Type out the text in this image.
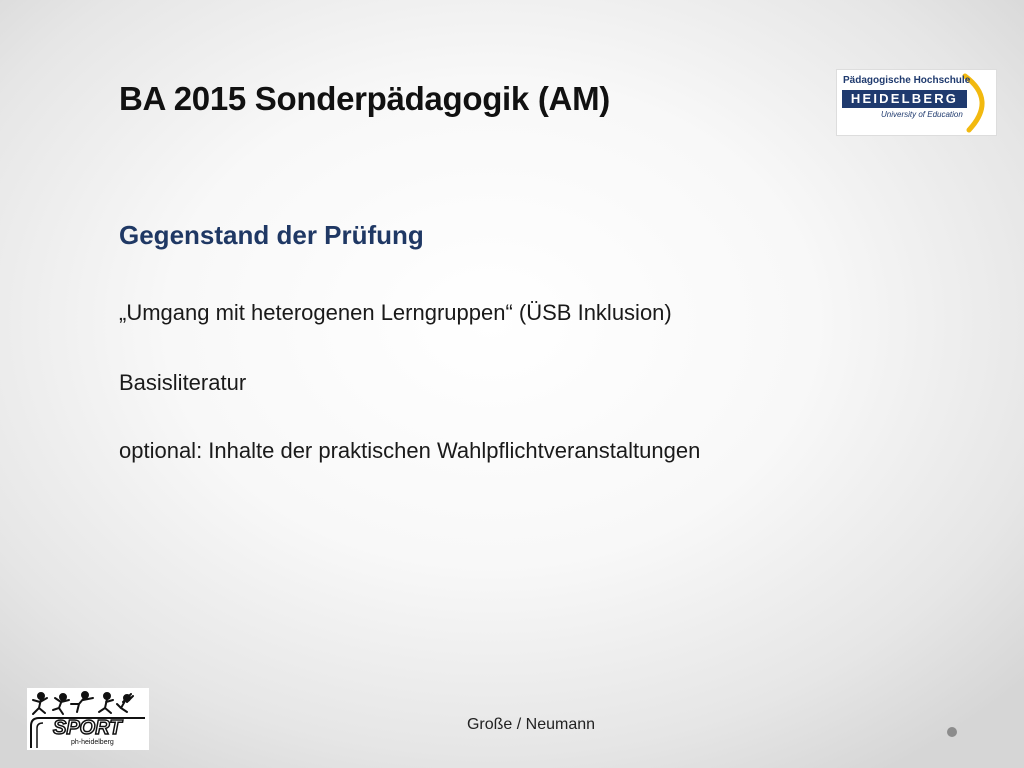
BA 2015 Sonderpädagogik (AM)	Pädagogische Hochschule
HEIDELBERG
University of Education
Gegenstand der Prüfung
„Umgang mit heterogenen Lerngruppen“ (ÜSB Inklusion)
Basisliteratur
optional: Inhalte der praktischen Wahlpflichtveranstaltungen
SPORT
ph-heidelberg
Große / Neumann
